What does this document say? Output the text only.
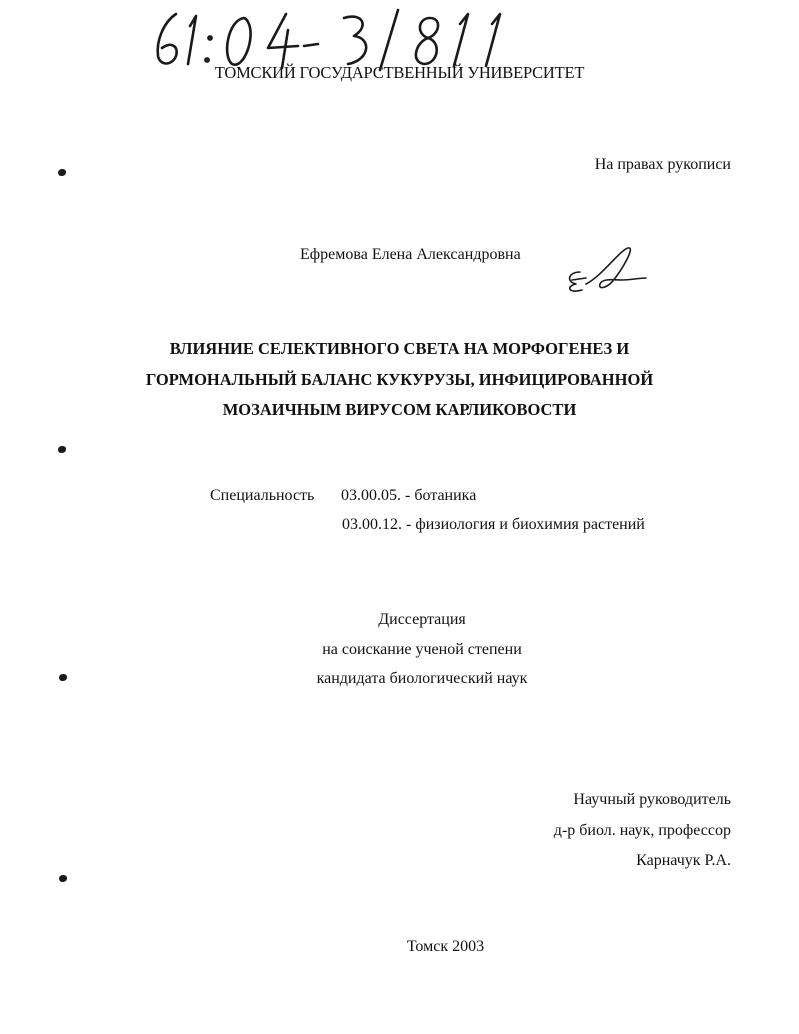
ТОМСКИЙ ГОСУДАРСТВЕННЫЙ УНИВЕРСИТЕТ
На правах рукописи
Ефремова Елена Александровна
ВЛИЯНИЕ СЕЛЕКТИВНОГО СВЕТА НА МОРФОГЕНЕЗ И
ГОРМОНАЛЬНЫЙ БАЛАНС КУКУРУЗЫ, ИНФИЦИРОВАННОЙ
МОЗАИЧНЫМ ВИРУСОМ КАРЛИКОВОСТИ
Специальность 03.00.05. - ботаника
03.00.12. - физиология и биохимия растений
Диссертация
на соискание ученой степени
кандидата биологический наук
Научный руководитель
д-р биол. наук, профессор
Карначук Р.А.
Томск 2003
